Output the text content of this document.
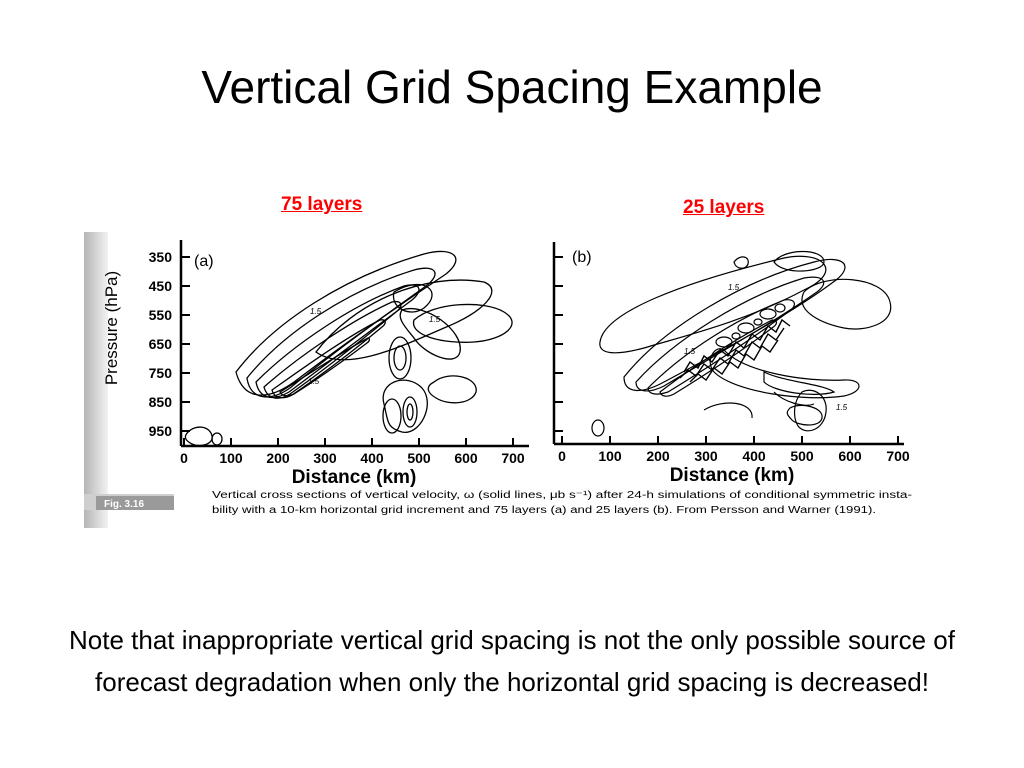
Vertical Grid Spacing Example
75 layers	25 layers
350
450
550
650
750
850
950
0 100 200 300 400 500 600 700
Pressure (hPa)
(a)
Distance (km)
1.5
1.5
1.5
0 100 200 300 400 500 600 700
(b)
Distance (km)
1.5
1.5
1.5
Fig. 3.16
Vertical cross sections of vertical velocity, ω (solid lines, μb s⁻¹) after 24-h simulations of conditional symmetric insta-
bility with a 10-km horizontal grid increment and 75 layers (a) and 25 layers (b). From Persson and Warner (1991).
Note that inappropriate vertical grid spacing is not the only possible source of forecast degradation when only the horizontal grid spacing is decreased!
